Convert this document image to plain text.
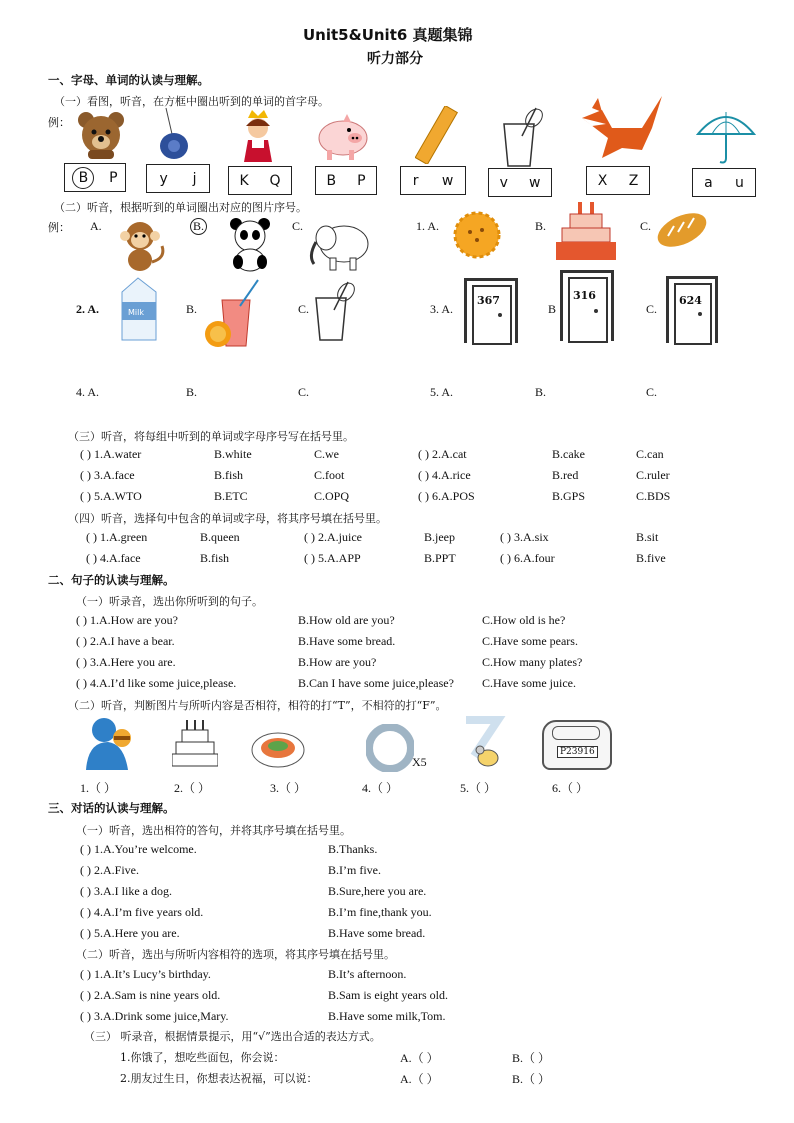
Unit5&Unit6 真题集锦
听力部分
一、字母、单词的认读与理解。
（一）看图，听音，在方框中圈出听到的单词的首字母。
例：
B	P	y j	K Q	B P	r w	v w	X Z	a u
（二）听音，根据听到的单词圈出对应的图片序号。
例： A.	B.	C.	1. A.	B.	C.
2. A.	B.	C.
Milk	3. A.	B	C.
367	316	624
4. A.	B.	C.	5. A.	B.	C.
（三）听音，将每组中听到的单词或字母序号写在括号里。
( ) 1.A.water	B.white	C.we	( ) 2.A.cat	B.cake	C.can
( ) 3.A.face	B.fish	C.foot	( ) 4.A.rice	B.red	C.ruler
( ) 5.A.WTO	B.ETC	C.OPQ	( ) 6.A.POS	B.GPS	C.BDS
（四）听音，选择句中包含的单词或字母，将其序号填在括号里。
( ) 1.A.green	B.queen	( ) 2.A.juice	B.jeep	( ) 3.A.six	B.sit
( ) 4.A.face	B.fish	( ) 5.A.APP	B.PPT	( ) 6.A.four	B.five
二、句子的认读与理解。
（一）听录音，选出你所听到的句子。
( ) 1.A.How are you?	B.How old are you?	C.How old is he?
( ) 2.A.I have a bear.	B.Have some bread.	C.Have some pears.
( ) 3.A.Here you are.	B.How are you?	C.How many plates?
( ) 4.A.I’d like some juice,please.	B.Can I have some juice,please? C.Have some juice.
（二）听音，判断图片与所听内容是否相符，相符的打“T”，不相符的打“F”。
X5
P23916
1.（ ）	2.（ ）	3.（ ）	4.（ ）	5.（ ）	6.（ ）
三、对话的认读与理解。
（一）听音，选出相符的答句，并将其序号填在括号里。
( ) 1.A.You’re welcome.	B.Thanks.
( ) 2.A.Five.	B.I’m five.
( ) 3.A.I like a dog.	B.Sure,here you are.
( ) 4.A.I’m five years old.	B.I’m fine,thank you.
( ) 5.A.Here you are.	B.Have some bread.
（二）听音，选出与所听内容相符的选项，将其序号填在括号里。
( ) 1.A.It’s Lucy’s birthday.	B.It’s afternoon.
( ) 2.A.Sam is nine years old.	B.Sam is eight years old.
( ) 3.A.Drink some juice,Mary.	B.Have some milk,Tom.
（三） 听录音，根据情景提示，用“√”选出合适的表达方式。
1.你饿了，想吃些面包，你会说：	A.（ ）	B.（ ）
2.朋友过生日，你想表达祝福，可以说：	A.（ ）	B.（ ）
